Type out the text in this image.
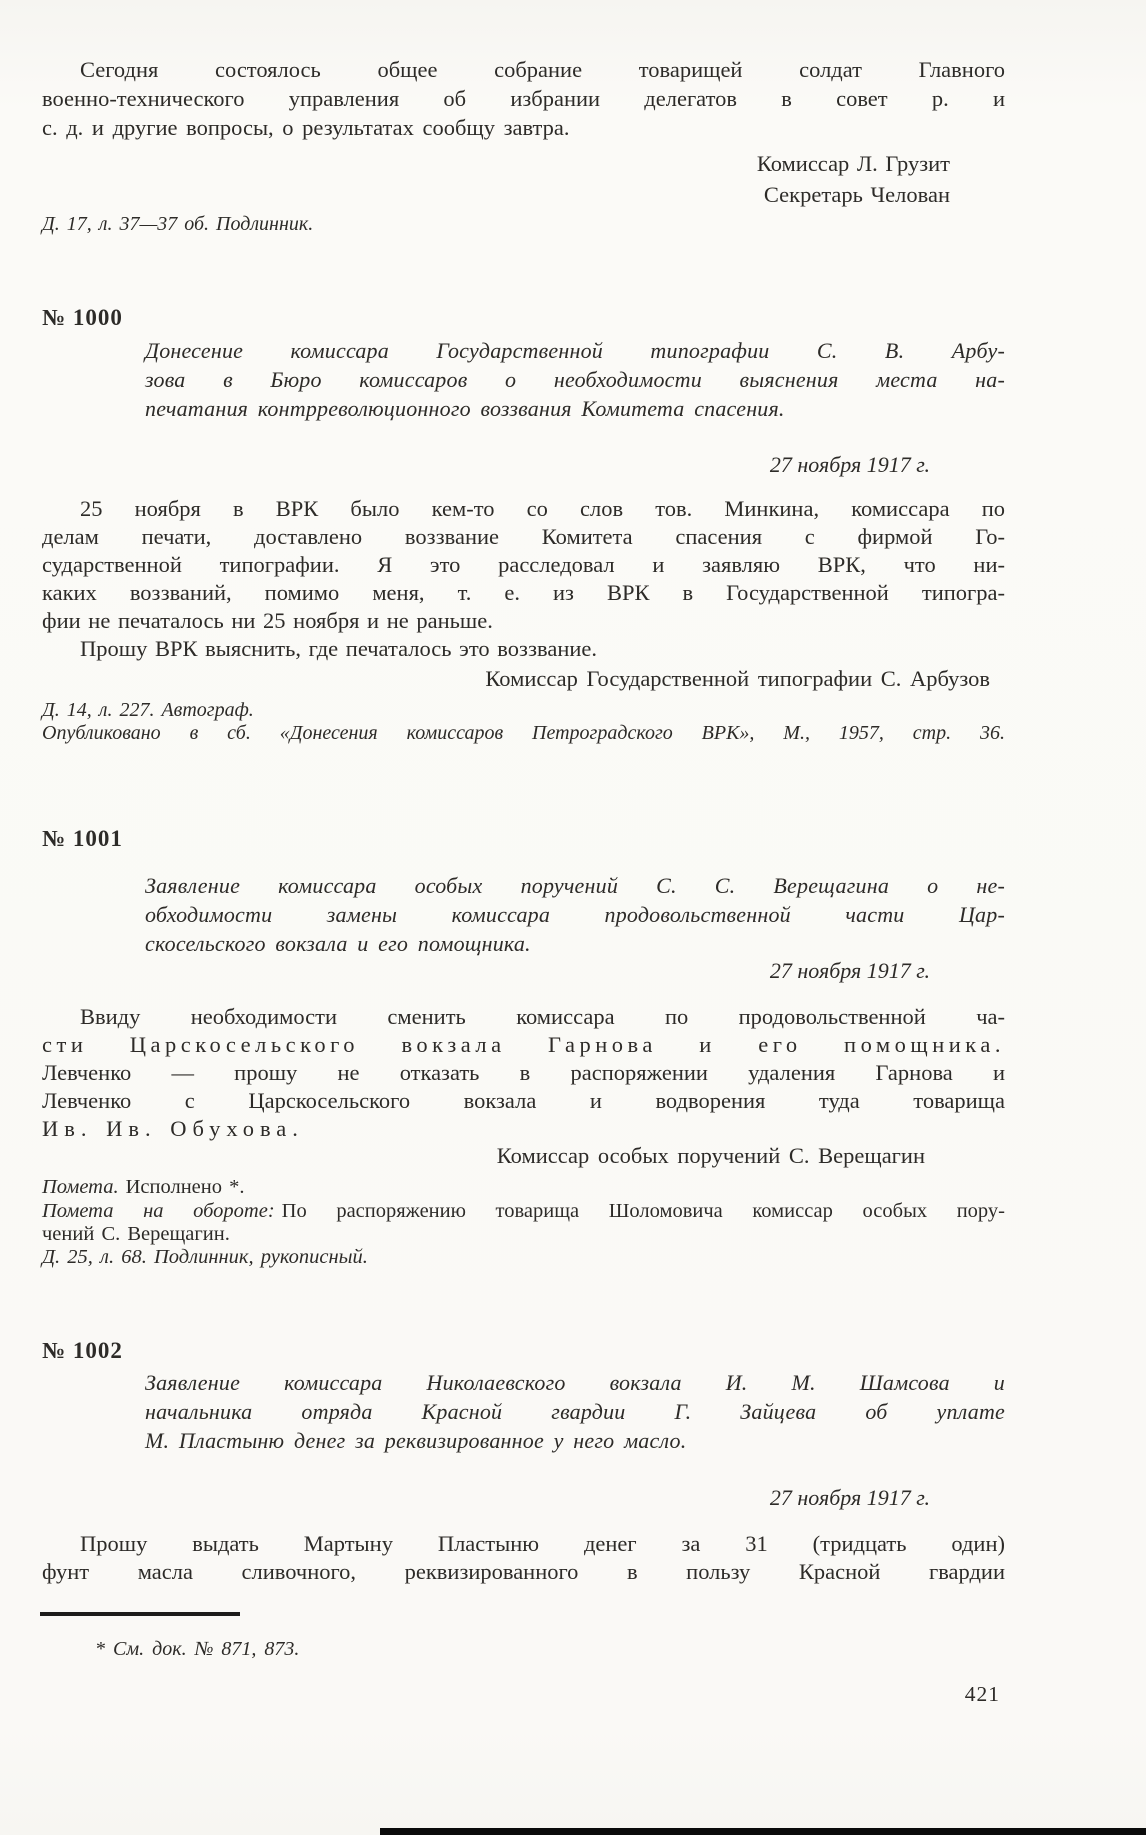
Сегодня состоялось общее собрание товарищей солдат Главного
военно-технического управления об избрании делегатов в совет р. и
с. д. и другие вопросы, о результатах сообщу завтра.
Комиссар Л. Грузит
Секретарь Челован
Д. 17, л. 37—37 об. Подлинник.
№ 1000
Донесение комиссара Государственной типографии С. В. Арбу-
зова в Бюро комиссаров о необходимости выяснения места на-
печатания контрреволюционного воззвания Комитета спасения.
27 ноября 1917 г.
25 ноября в ВРК было кем-то со слов тов. Минкина, комиссара по
делам печати, доставлено воззвание Комитета спасения с фирмой Го-
сударственной типографии. Я это расследовал и заявляю ВРК, что ни-
каких воззваний, помимо меня, т. е. из ВРК в Государственной типогра-
фии не печаталось ни 25 ноября и не раньше.
Прошу ВРК выяснить, где печаталось это воззвание.
Комиссар Государственной типографии С. Арбузов
Д. 14, л. 227. Автограф.
Опубликовано в сб. «Донесения комиссаров Петроградского ВРК», М., 1957, стр. 36.
№ 1001
Заявление комиссара особых поручений С. С. Верещагина о не-
обходимости замены комиссара продовольственной части Цар-
скосельского вокзала и его помощника.
27 ноября 1917 г.
Ввиду необходимости сменить комиссара по продовольственной ча-
сти Царскосельского вокзала Гарнова и его помощника.
Левченко — прошу не отказать в распоряжении удаления Гарнова и
Левченко с Царскосельского вокзала и водворения туда товарища
Ив. Ив. Обухова.
Комиссар особых поручений С. Верещагин
Помета. Исполнено *.
Помета на обороте: По распоряжению товарища Шоломовича комиссар особых пору-
чений С. Верещагин.
Д. 25, л. 68. Подлинник, рукописный.
№ 1002
Заявление комиссара Николаевского вокзала И. М. Шамсова и
начальника отряда Красной гвардии Г. Зайцева об уплате
М. Пластыню денег за реквизированное у него масло.
27 ноября 1917 г.
Прошу выдать Мартыну Пластыню денег за 31 (тридцать один)
фунт масла сливочного, реквизированного в пользу Красной гвардии
* См. док. № 871, 873.
421
